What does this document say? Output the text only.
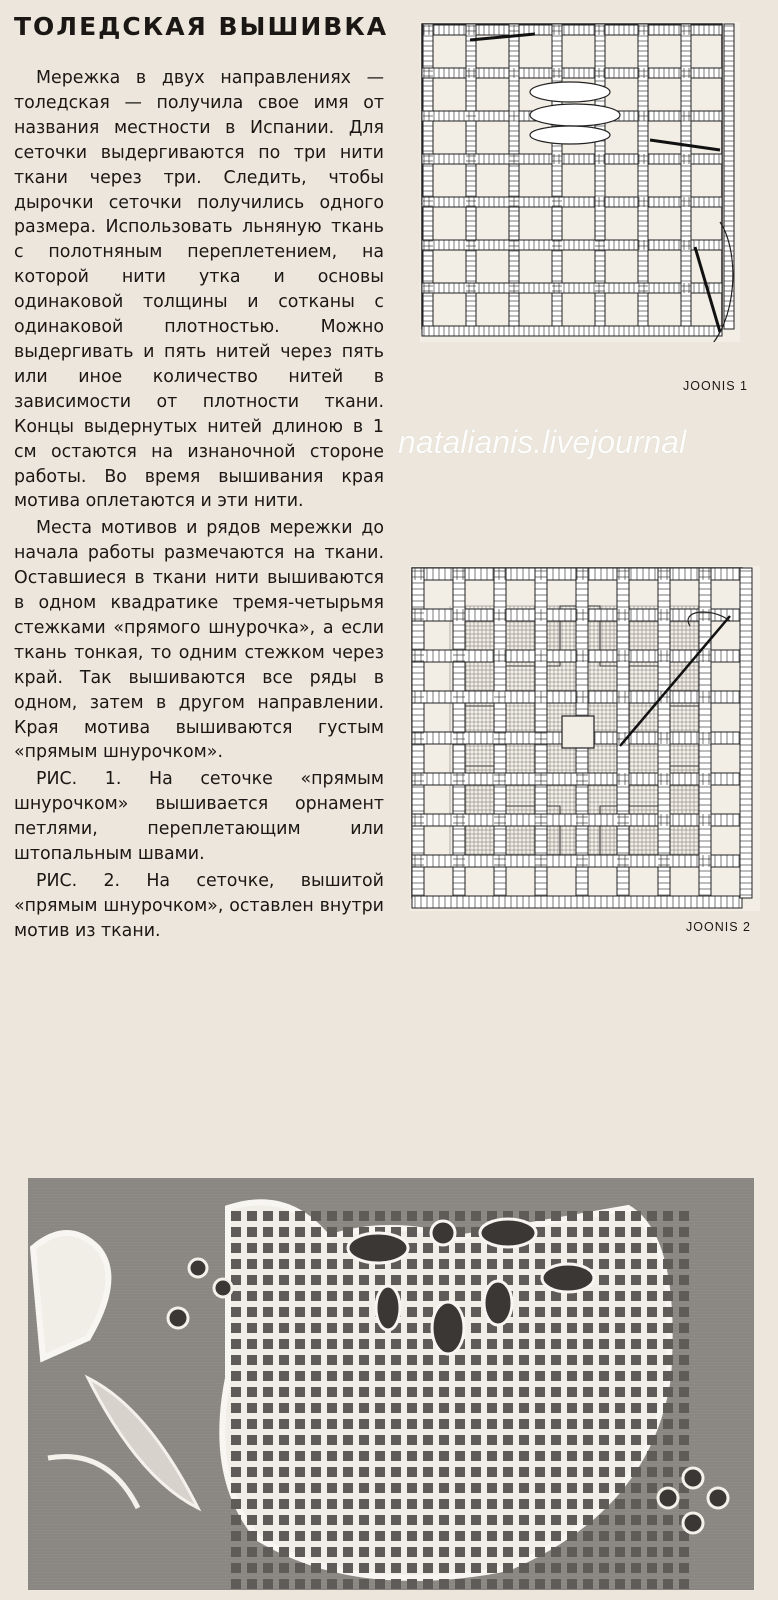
ТОЛЕДСКАЯ ВЫШИВКА

Мережка в двух направлениях — толедская — получила свое имя от названия местности в Испании. Для сеточки выдергиваются по три нити ткани через три. Следить, чтобы дырочки сеточки получились одного размера. Использовать льняную ткань с полотняным переплетением, на которой нити утка и основы одинаковой толщины и сотканы с одинаковой плотностью. Можно выдергивать и пять нитей через пять или иное количество нитей в зависимости от плотности ткани. Концы выдернутых нитей длиною в 1 см остаются на изнаночной стороне работы. Во время вышивания края мотива оплетаются и эти нити.

Места мотивов и рядов мережки до начала работы размечаются на ткани. Оставшиеся в ткани нити вышиваются в одном квадратике тремя-четырьмя стежками «прямого шнурочка», а если ткань тонкая, то одним стежком через край. Так вышиваются все ряды в одном, затем в другом направлении. Края мотива вышиваются густым «прямым шнурочком».

РИС. 1. На сеточке «прямым шнурочком» вышивается орнамент петлями, переплетающим или штопальным швами.

РИС. 2. На сеточке, вышитой «прямым шнурочком», оставлен внутри мотив из ткани.

JOONIS 1
natalianis.livejournal
JOONIS 2
